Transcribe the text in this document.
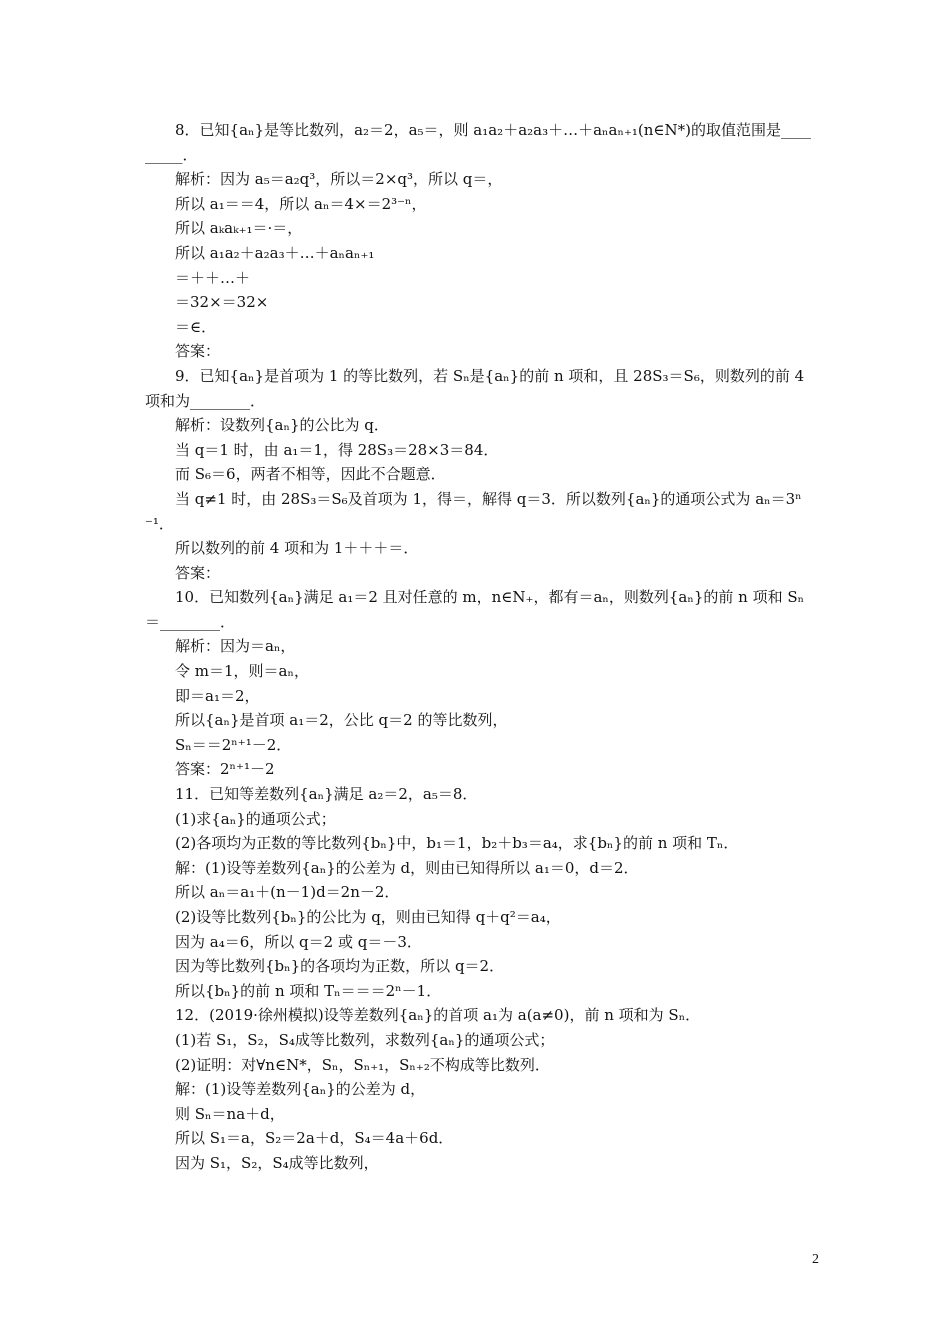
8．已知{aₙ}是等比数列，a₂＝2，a₅＝，则 a₁a₂＋a₂a₃＋…＋aₙaₙ₊₁(n∈N*)的取值范围是____
_____．
解析：因为 a₅＝a₂q³，所以＝2×q³，所以 q＝，
所以 a₁＝＝4，所以 aₙ＝4×＝2³⁻ⁿ，
所以 aₖaₖ₊₁＝·＝，
所以 a₁a₂＋a₂a₃＋…＋aₙaₙ₊₁
＝＋＋…＋
＝32×＝32×
＝∈．
答案：
9．已知{aₙ}是首项为 1 的等比数列，若 Sₙ是{aₙ}的前 n 项和，且 28S₃＝S₆，则数列的前 4
项和为________．
解析：设数列{aₙ}的公比为 q．
当 q＝1 时，由 a₁＝1，得 28S₃＝28×3＝84．
而 S₆＝6，两者不相等，因此不合题意．
当 q≠1 时，由 28S₃＝S₆及首项为 1，得＝，解得 q＝3．所以数列{aₙ}的通项公式为 aₙ＝3ⁿ
⁻¹．
所以数列的前 4 项和为 1＋＋＋＝．
答案：
10．已知数列{aₙ}满足 a₁＝2 且对任意的 m，n∈N₊，都有＝aₙ，则数列{aₙ}的前 n 项和 Sₙ
＝________．
解析：因为＝aₙ，
令 m＝1，则＝aₙ，
即＝a₁＝2，
所以{aₙ}是首项 a₁＝2，公比 q＝2 的等比数列，
Sₙ＝＝2ⁿ⁺¹－2．
答案：2ⁿ⁺¹－2
11．已知等差数列{aₙ}满足 a₂＝2，a₅＝8．
(1)求{aₙ}的通项公式；
(2)各项均为正数的等比数列{bₙ}中，b₁＝1，b₂＋b₃＝a₄，求{bₙ}的前 n 项和 Tₙ．
解：(1)设等差数列{aₙ}的公差为 d，则由已知得所以 a₁＝0，d＝2．
所以 aₙ＝a₁＋(n－1)d＝2n－2．
(2)设等比数列{bₙ}的公比为 q，则由已知得 q＋q²＝a₄，
因为 a₄＝6，所以 q＝2 或 q＝－3．
因为等比数列{bₙ}的各项均为正数，所以 q＝2．
所以{bₙ}的前 n 项和 Tₙ＝＝＝2ⁿ－1．
12．(2019·徐州模拟)设等差数列{aₙ}的首项 a₁为 a(a≠0)，前 n 项和为 Sₙ．
(1)若 S₁，S₂，S₄成等比数列，求数列{aₙ}的通项公式；
(2)证明：对∀n∈N*，Sₙ，Sₙ₊₁，Sₙ₊₂不构成等比数列．
解：(1)设等差数列{aₙ}的公差为 d，
则 Sₙ＝na＋d，
所以 S₁＝a，S₂＝2a＋d，S₄＝4a＋6d．
因为 S₁，S₂，S₄成等比数列，
2
